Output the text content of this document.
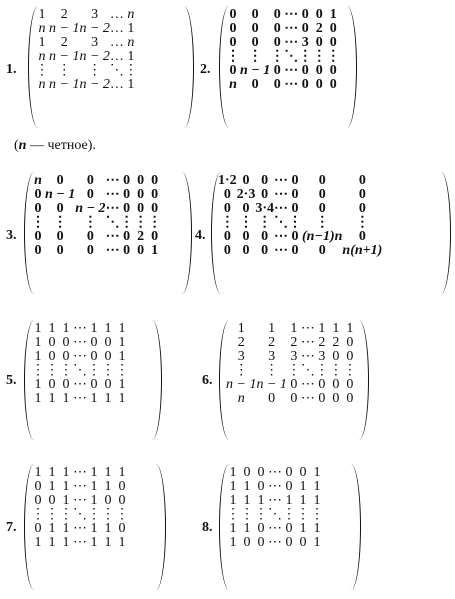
1.
1	2	3	…	n
n	n − 1	n − 2	…	1
1	2	3	…	n
n	n − 1	n − 2	…	1
⋮	⋮	⋮	⋱	⋮
n	n − 1	n − 2	…	1
2.
0	0	0	⋯	0	0	1
0	0	0	⋯	0	2	0
0	0	0	⋯	3	0	0
⋮	⋮	⋮	⋱	⋮	⋮	⋮
0	n − 1	0	⋯	0	0	0
n	0	0	⋯	0	0	0
(n — четное).
3.
n	0	0	⋯	0	0	0
0	n − 1	0	⋯	0	0	0
0	0	n − 2	⋯	0	0	0
⋮	⋮	⋮	⋱	⋮	⋮	⋮
0	0	0	⋯	0	2	0
0	0	0	⋯	0	0	1
4.
1·2	0	0	⋯	0	0	0
0	2·3	0	⋯	0	0	0
0	0	3·4	⋯	0	0	0
⋮	⋮	⋮	⋱	⋮	⋮	⋮
0	0	0	⋯	0	(n−1)n	0
0	0	0	⋯	0	0	n(n+1)
5.
1	1	1	⋯	1	1	1
1	0	0	⋯	0	0	1
1	0	0	⋯	0	0	1
⋮	⋮	⋮	⋱	⋮	⋮	⋮
1	0	0	⋯	0	0	1
1	1	1	⋯	1	1	1
6.
1	1	1	⋯	1	1	1
2	2	2	⋯	2	2	0
3	3	3	⋯	3	0	0
⋮	⋮	⋮	⋱	⋮	⋮	⋮
n − 1	n − 1	0	⋯	0	0	0
n	0	0	⋯	0	0	0
7.
1	1	1	⋯	1	1	1
0	1	1	⋯	1	1	0
0	0	1	⋯	1	0	0
⋮	⋮	⋮	⋱	⋮	⋮	⋮
0	1	1	⋯	1	1	0
1	1	1	⋯	1	1	1
8.
1	0	0	⋯	0	0	1
1	1	0	⋯	0	1	1
1	1	1	⋯	1	1	1
⋮	⋮	⋮	⋱	⋮	⋮	⋮
1	1	0	⋯	0	1	1
1	0	0	⋯	0	0	1
